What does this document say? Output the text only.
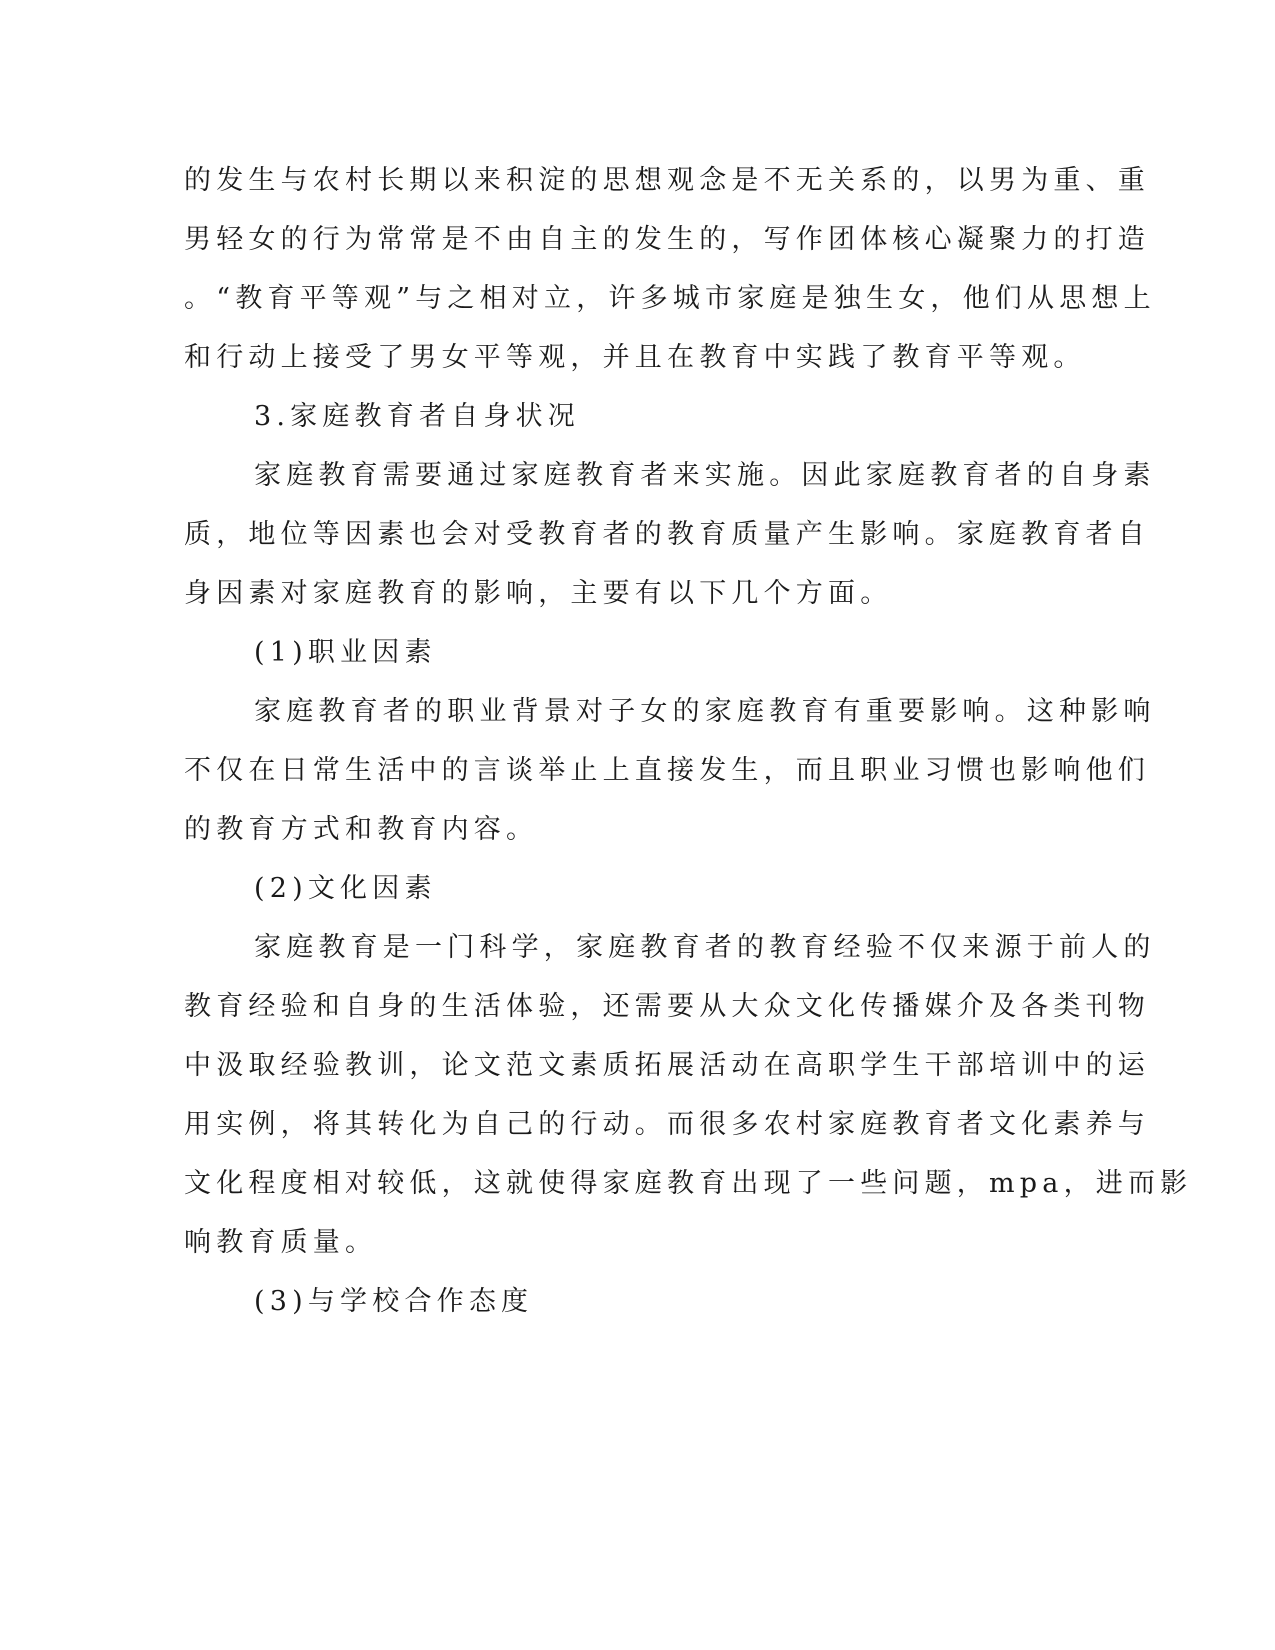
的发生与农村长期以来积淀的思想观念是不无关系的，以男为重、重
男轻女的行为常常是不由自主的发生的，写作团体核心凝聚力的打造
。“教育平等观”与之相对立，许多城市家庭是独生女，他们从思想上
和行动上接受了男女平等观，并且在教育中实践了教育平等观。
3.家庭教育者自身状况
家庭教育需要通过家庭教育者来实施。因此家庭教育者的自身素
质，地位等因素也会对受教育者的教育质量产生影响。家庭教育者自
身因素对家庭教育的影响，主要有以下几个方面。
(1)职业因素
家庭教育者的职业背景对子女的家庭教育有重要影响。这种影响
不仅在日常生活中的言谈举止上直接发生，而且职业习惯也影响他们
的教育方式和教育内容。
(2)文化因素
家庭教育是一门科学，家庭教育者的教育经验不仅来源于前人的
教育经验和自身的生活体验，还需要从大众文化传播媒介及各类刊物
中汲取经验教训，论文范文素质拓展活动在高职学生干部培训中的运
用实例，将其转化为自己的行动。而很多农村家庭教育者文化素养与
文化程度相对较低，这就使得家庭教育出现了一些问题，mpa，进而影
响教育质量。
(3)与学校合作态度
